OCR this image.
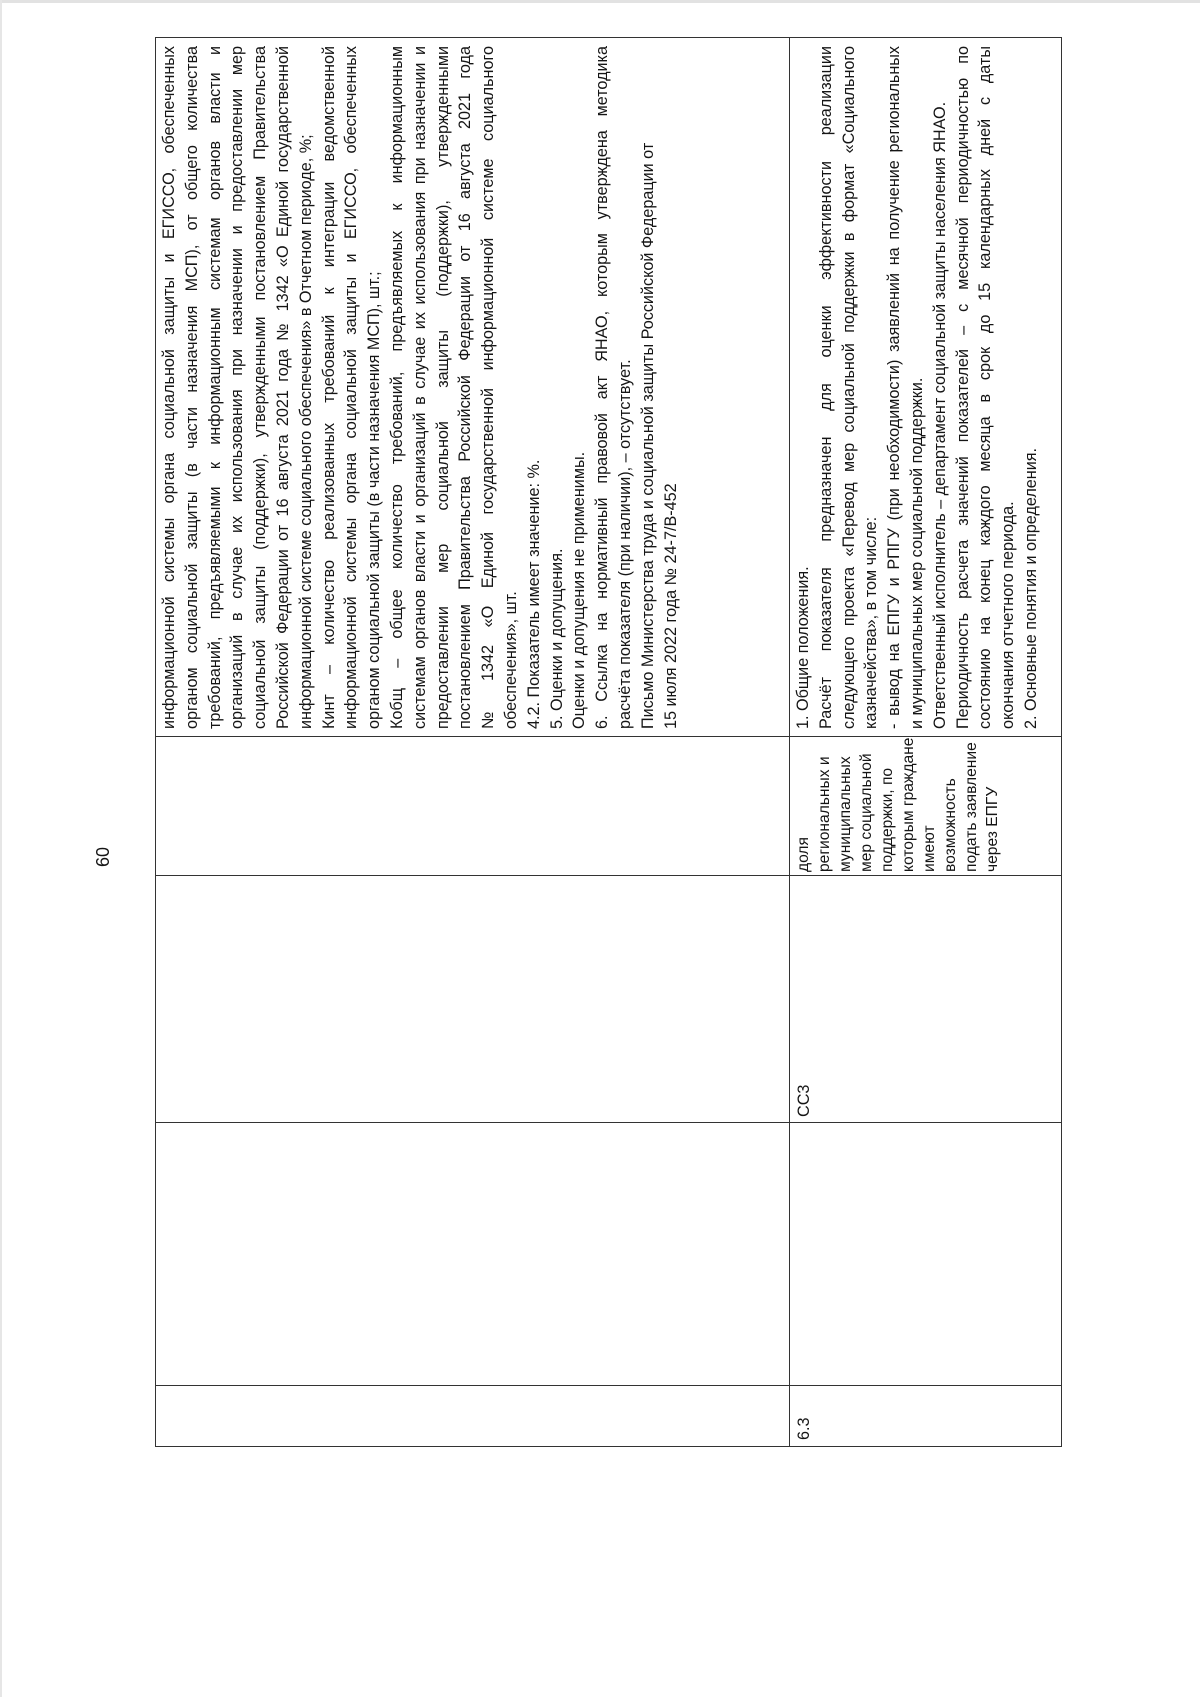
60
информационной системы органа социальной защиты и ЕГИССО, обеспеченных органом социальной защиты (в части назначения МСП), от общего количества требований, предъявляемыми к информационным системам органов власти и организаций в случае их использования при назначении и предоставлении мер социальной защиты (поддержки), утвержденными постановлением Правительства Российской Федерации от 16 августа 2021 года № 1342 «О Единой государственной информационной системе социального обеспечения» в Отчетном периоде, %; Кинт – количество реализованных требований к интеграции ведомственной информационной системы органа социальной защиты и ЕГИССО, обеспеченных органом социальной защиты (в части назначения МСП), шт.; Кобщ – общее количество требований, предъявляемых к информационным системам органов власти и организаций в случае их использования при назначении и предоставлении мер социальной защиты (поддержки), утвержденными постановлением Правительства Российской Федерации от 16 августа 2021 года № 1342 «О Единой государственной информационной системе социального обеспечения», шт. 4.2. Показатель имеет значение: %. 5. Оценки и допущения. Оценки и допущения не применимы. 6. Ссылка на нормативный правовой акт ЯНАО, которым утверждена методика расчёта показателя (при наличии), – отсутствует. Письмо Министерства труда и социальной защиты Российской Федерации от 15 июля 2022 года № 24-7/В-452
6.3
СС3
доля региональных и муниципальных мер социальной поддержки, по которым граждане имеют возможность подать заявление через ЕПГУ
1. Общие положения. Расчёт показателя предназначен для оценки эффективности реализации следующего проекта «Перевод мер социальной поддержки в формат «Социального казначейства», в том числе: - вывод на ЕПГУ и РПГУ (при необходимости) заявлений на получение региональных и муниципальных мер социальной поддержки. Ответственный исполнитель – департамент социальной защиты населения ЯНАО. Периодичность расчета значений показателей – с месячной периодичностью по состоянию на конец каждого месяца в срок до 15 календарных дней с даты окончания отчетного периода. 2. Основные понятия и определения.
